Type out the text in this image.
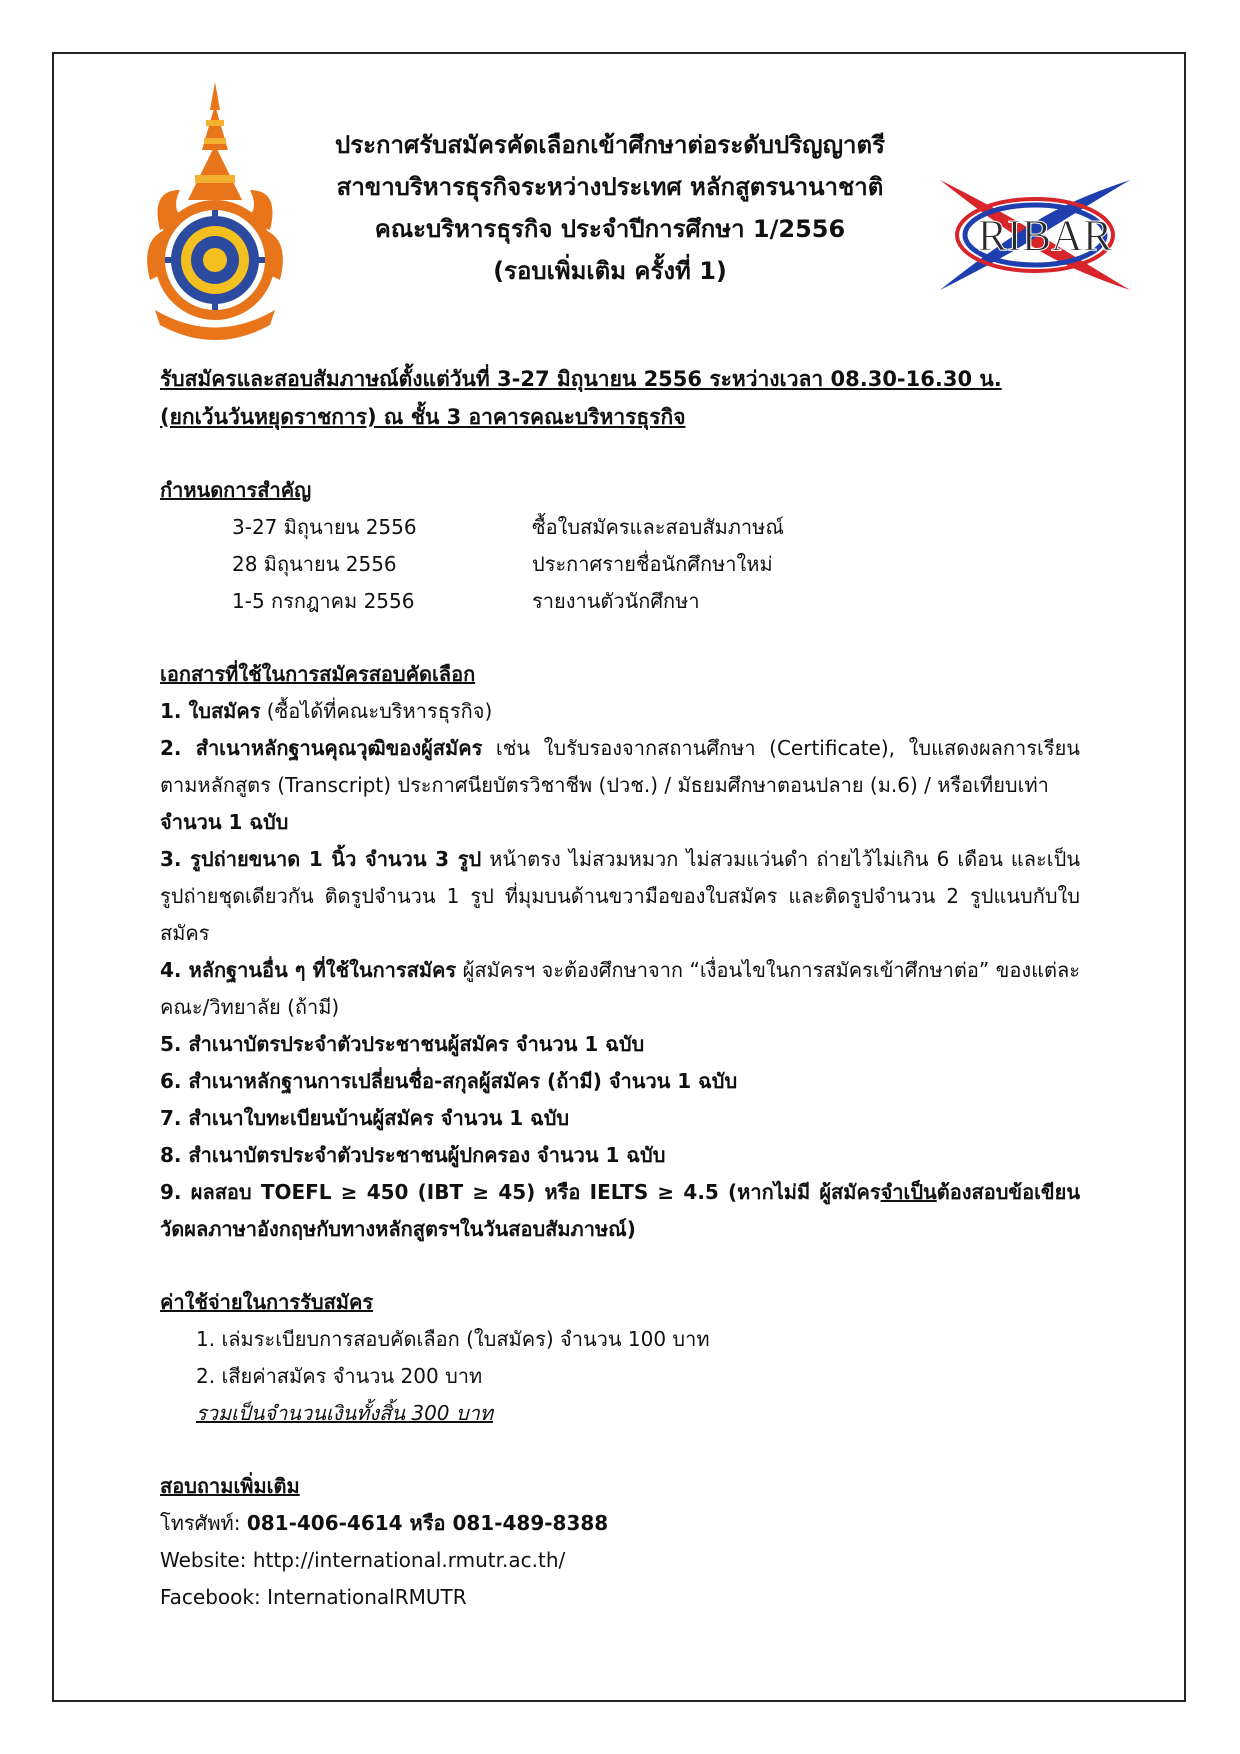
RIBAR
ประกาศรับสมัครคัดเลือกเข้าศึกษาต่อระดับปริญญาตรี
สาขาบริหารธุรกิจระหว่างประเทศ หลักสูตรนานาชาติ
คณะบริหารธุรกิจ ประจำปีการศึกษา 1/2556
(รอบเพิ่มเติม ครั้งที่ 1)
รับสมัครและสอบสัมภาษณ์ตั้งแต่วันที่ 3-27 มิถุนายน 2556 ระหว่างเวลา 08.30-16.30 น.
(ยกเว้นวันหยุดราชการ) ณ ชั้น 3 อาคารคณะบริหารธุรกิจ
กำหนดการสำคัญ
3-27 มิถุนายน 2556	ซื้อใบสมัครและสอบสัมภาษณ์
28 มิถุนายน 2556	ประกาศรายชื่อนักศึกษาใหม่
1-5 กรกฎาคม 2556	รายงานตัวนักศึกษา
เอกสารที่ใช้ในการสมัครสอบคัดเลือก
1. ใบสมัคร (ซื้อได้ที่คณะบริหารธุรกิจ)
2. สำเนาหลักฐานคุณวุฒิของผู้สมัคร เช่น ใบรับรองจากสถานศึกษา (Certificate), ใบแสดงผลการเรียนตามหลักสูตร (Transcript) ประกาศนียบัตรวิชาชีพ (ปวช.) / มัธยมศึกษาตอนปลาย (ม.6) / หรือเทียบเท่า
จำนวน 1 ฉบับ
3. รูปถ่ายขนาด 1 นิ้ว จำนวน 3 รูป หน้าตรง ไม่สวมหมวก ไม่สวมแว่นดำ ถ่ายไว้ไม่เกิน 6 เดือน และเป็นรูปถ่ายชุดเดียวกัน ติดรูปจำนวน 1 รูป ที่มุมบนด้านขวามือของใบสมัคร และติดรูปจำนวน 2 รูปแนบกับใบสมัคร
4. หลักฐานอื่น ๆ ที่ใช้ในการสมัคร ผู้สมัครฯ จะต้องศึกษาจาก “เงื่อนไขในการสมัครเข้าศึกษาต่อ” ของแต่ละคณะ/วิทยาลัย (ถ้ามี)
5. สำเนาบัตรประจำตัวประชาชนผู้สมัคร จำนวน 1 ฉบับ
6. สำเนาหลักฐานการเปลี่ยนชื่อ-สกุลผู้สมัคร (ถ้ามี) จำนวน 1 ฉบับ
7. สำเนาใบทะเบียนบ้านผู้สมัคร จำนวน 1 ฉบับ
8. สำเนาบัตรประจำตัวประชาชนผู้ปกครอง จำนวน 1 ฉบับ
9. ผลสอบ TOEFL ≥ 450 (IBT ≥ 45) หรือ IELTS ≥ 4.5 (หากไม่มี ผู้สมัครจำเป็นต้องสอบข้อเขียนวัดผลภาษาอังกฤษกับทางหลักสูตรฯในวันสอบสัมภาษณ์)
ค่าใช้จ่ายในการรับสมัคร
1. เล่มระเบียบการสอบคัดเลือก (ใบสมัคร) จำนวน 100 บาท
2. เสียค่าสมัคร จำนวน 200 บาท
รวมเป็นจำนวนเงินทั้งสิ้น 300 บาท
สอบถามเพิ่มเติม
โทรศัพท์: 081-406-4614 หรือ 081-489-8388
Website: http://international.rmutr.ac.th/
Facebook: InternationalRMUTR
